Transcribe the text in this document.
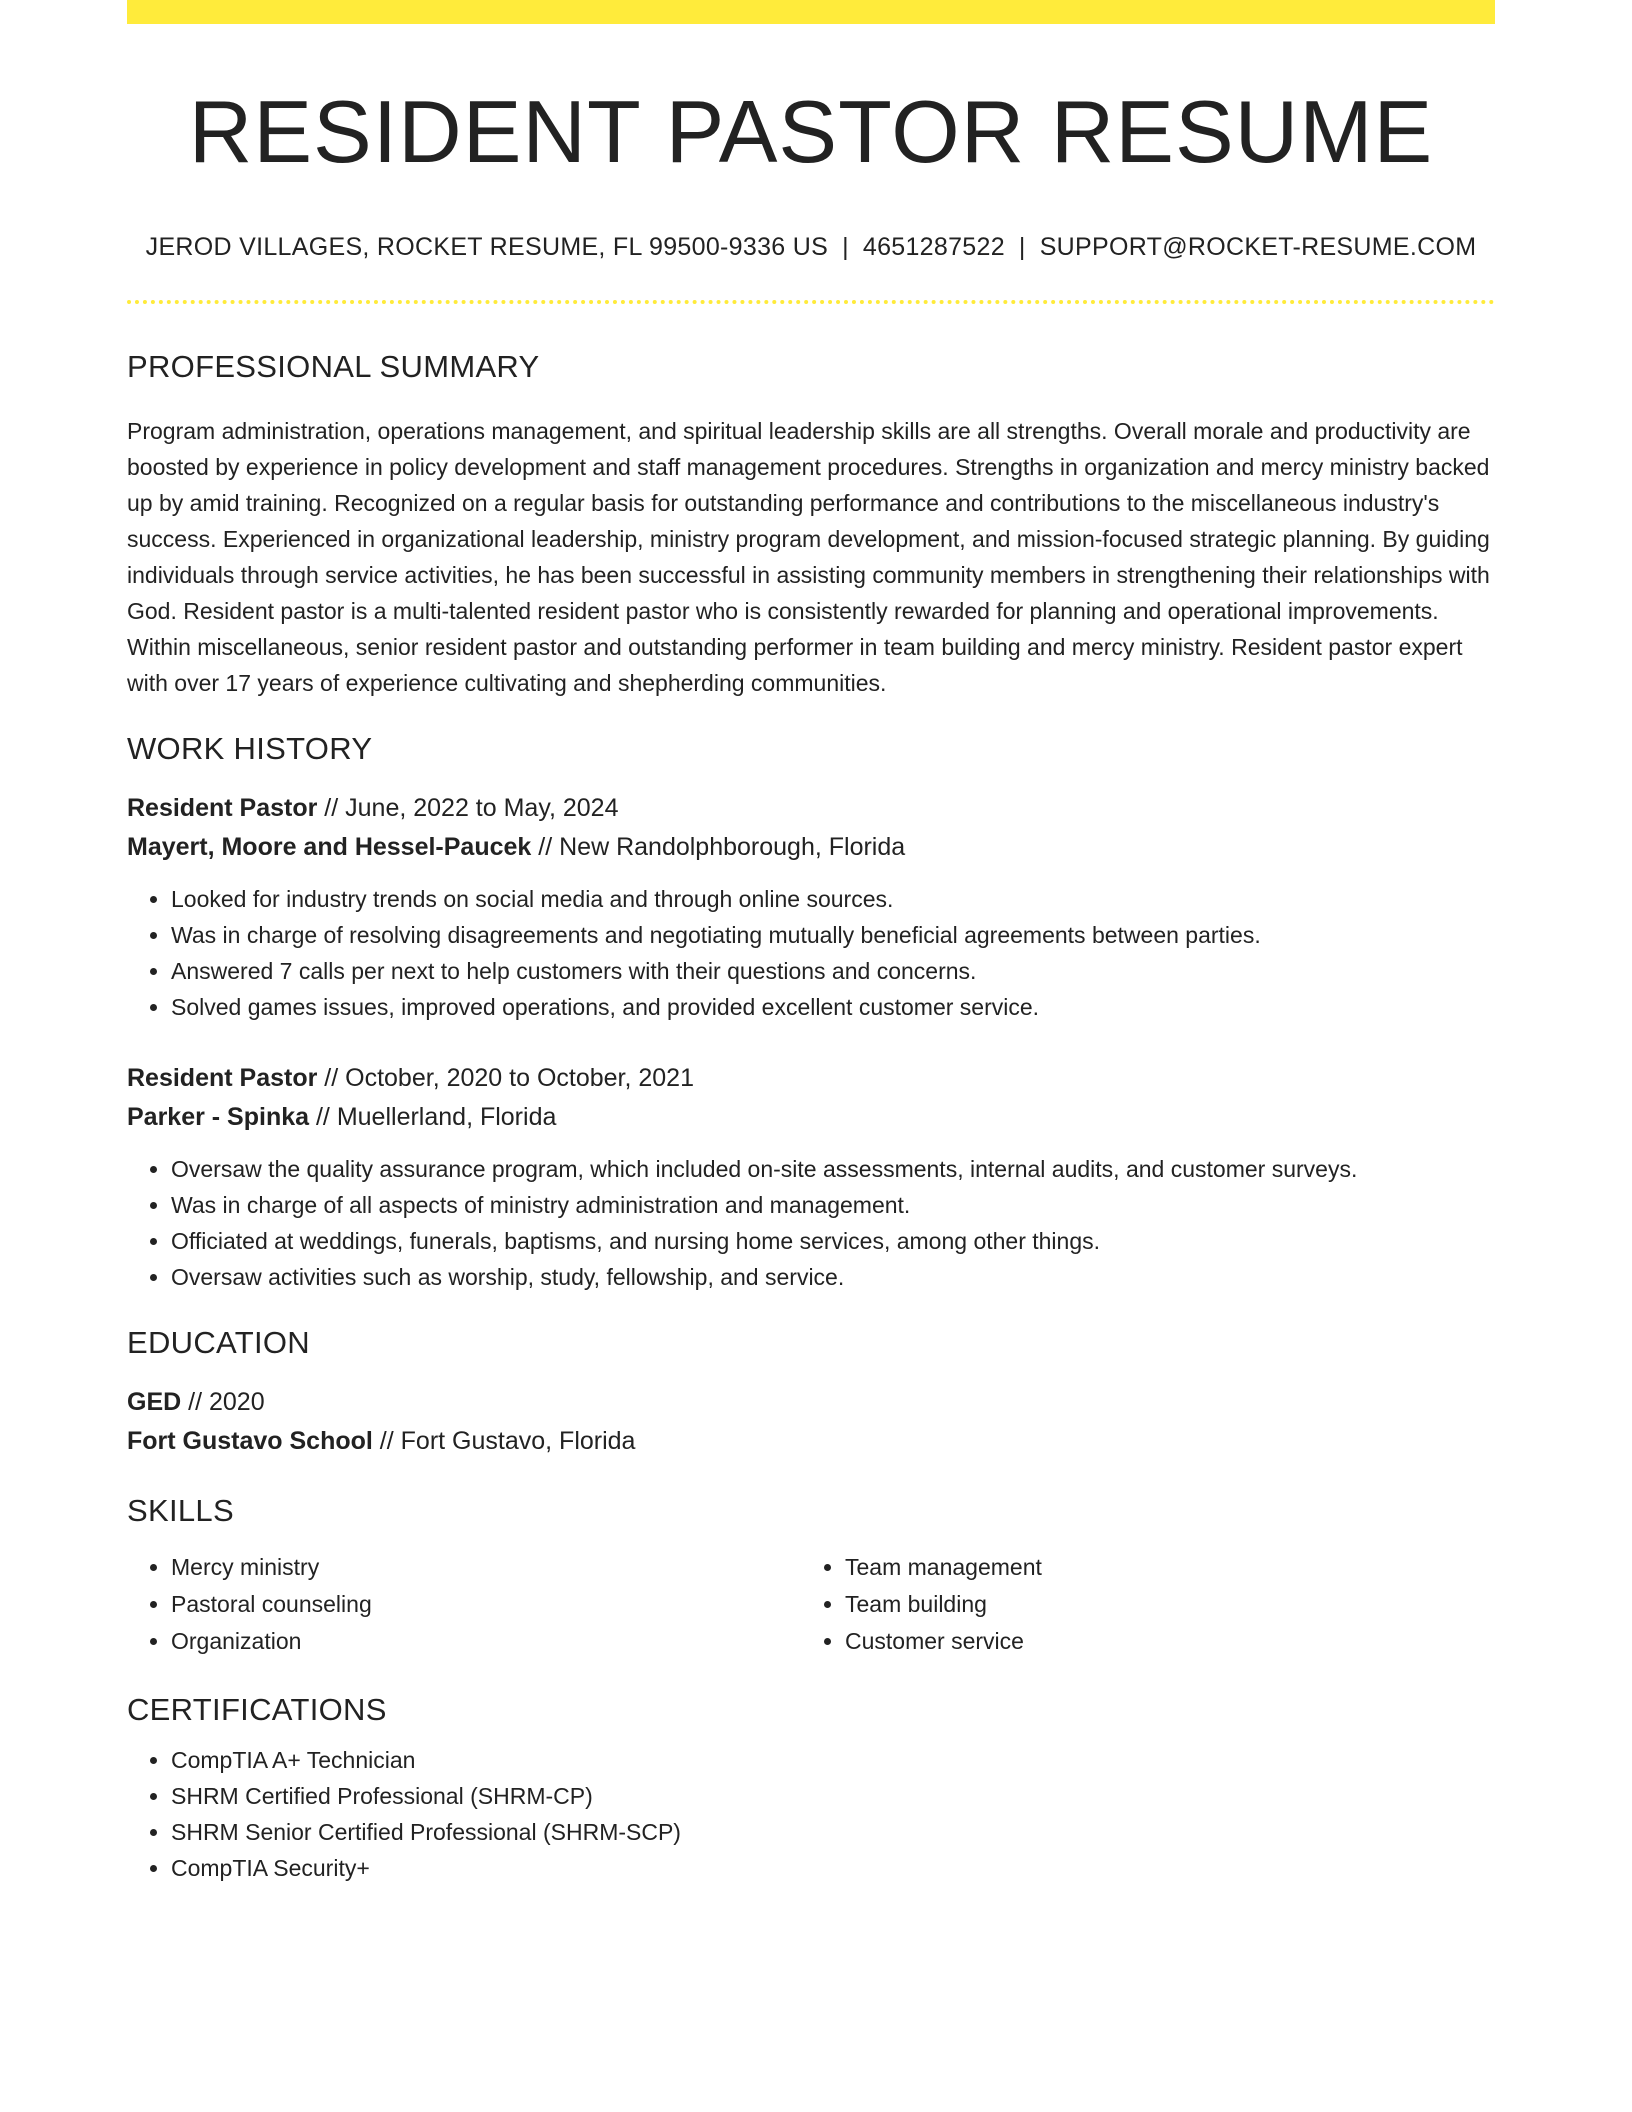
RESIDENT PASTOR RESUME
JEROD VILLAGES, ROCKET RESUME, FL 99500-9336 US | 4651287522 | SUPPORT@ROCKET-RESUME.COM
PROFESSIONAL SUMMARY

Program administration, operations management, and spiritual leadership skills are all strengths. Overall morale and productivity are boosted by experience in policy development and staff management procedures. Strengths in organization and mercy ministry backed up by amid training. Recognized on a regular basis for outstanding performance and contributions to the miscellaneous industry's success. Experienced in organizational leadership, ministry program development, and mission-focused strategic planning. By guiding individuals through service activities, he has been successful in assisting community members in strengthening their relationships with God. Resident pastor is a multi-talented resident pastor who is consistently rewarded for planning and operational improvements. Within miscellaneous, senior resident pastor and outstanding performer in team building and mercy ministry. Resident pastor expert with over 17 years of experience cultivating and shepherding communities.

WORK HISTORY
Resident Pastor // June, 2022 to May, 2024
Mayert, Moore and Hessel-Paucek // New Randolphborough, Florida
• Looked for industry trends on social media and through online sources.
• Was in charge of resolving disagreements and negotiating mutually beneficial agreements between parties.
• Answered 7 calls per next to help customers with their questions and concerns.
• Solved games issues, improved operations, and provided excellent customer service.
Resident Pastor // October, 2020 to October, 2021
Parker - Spinka // Muellerland, Florida
• Oversaw the quality assurance program, which included on-site assessments, internal audits, and customer surveys.
• Was in charge of all aspects of ministry administration and management.
• Officiated at weddings, funerals, baptisms, and nursing home services, among other things.
• Oversaw activities such as worship, study, fellowship, and service.
EDUCATION
GED // 2020
Fort Gustavo School // Fort Gustavo, Florida
SKILLS
• Mercy ministry
• Pastoral counseling
• Organization
• Team management
• Team building
• Customer service
CERTIFICATIONS
• CompTIA A+ Technician
• SHRM Certified Professional (SHRM-CP)
• SHRM Senior Certified Professional (SHRM-SCP)
• CompTIA Security+
